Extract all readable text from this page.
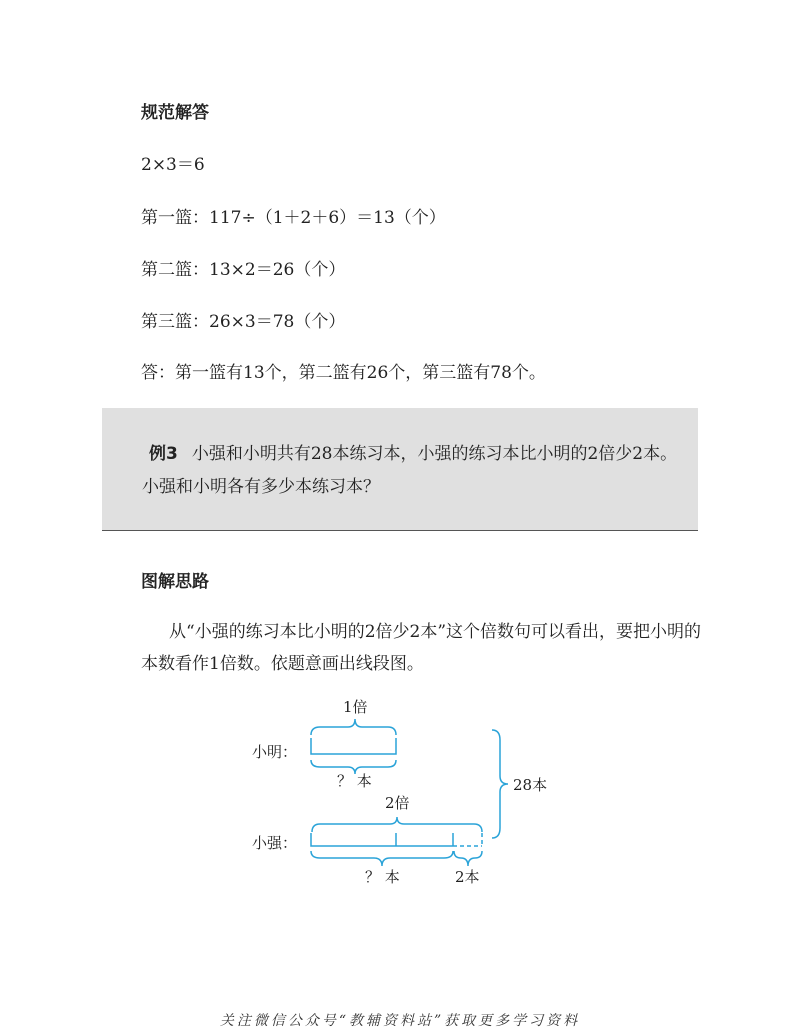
规范解答
2×3＝6
第一篮：117÷（1＋2＋6）＝13（个）
第二篮：13×2＝26（个）
第三篮：26×3＝78（个）
答：第一篮有13个，第二篮有26个，第三篮有78个。

例3 小强和小明共有28本练习本，小强的练习本比小明的2倍少2本。小强和小明各有多少本练习本？

图解思路
从“小强的练习本比小明的2倍少2本”这个倍数句可以看出，要把小明的本数看作1倍数。依题意画出线段图。
1倍
小明：
？ 本	28本
2倍
小强：
？ 本	2本
关注微信公众号“教辅资料站”获取更多学习资料
